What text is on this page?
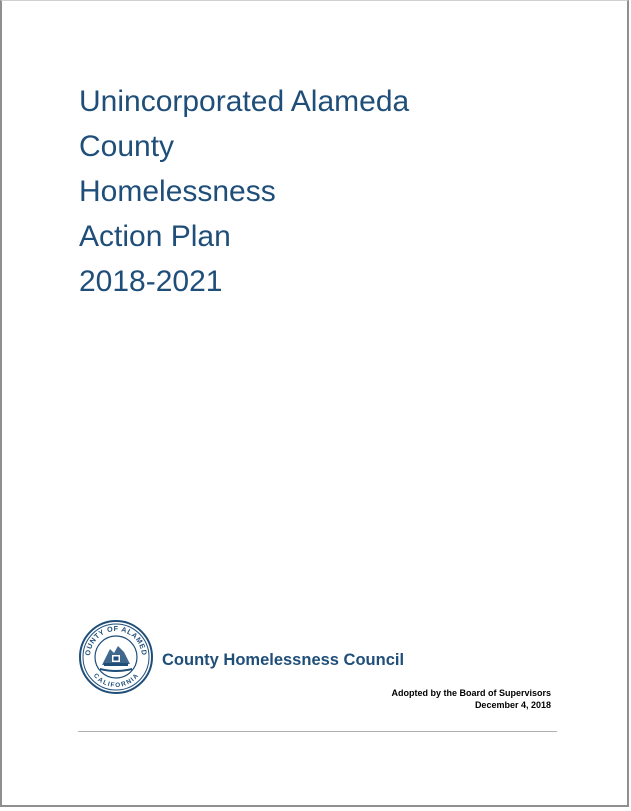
Unincorporated Alameda
County
Homelessness
Action Plan
2018-2021
OUNTY OF ALAMED
CALIFORNIA
County Homelessness Council
Adopted by the Board of Supervisors
December 4, 2018
